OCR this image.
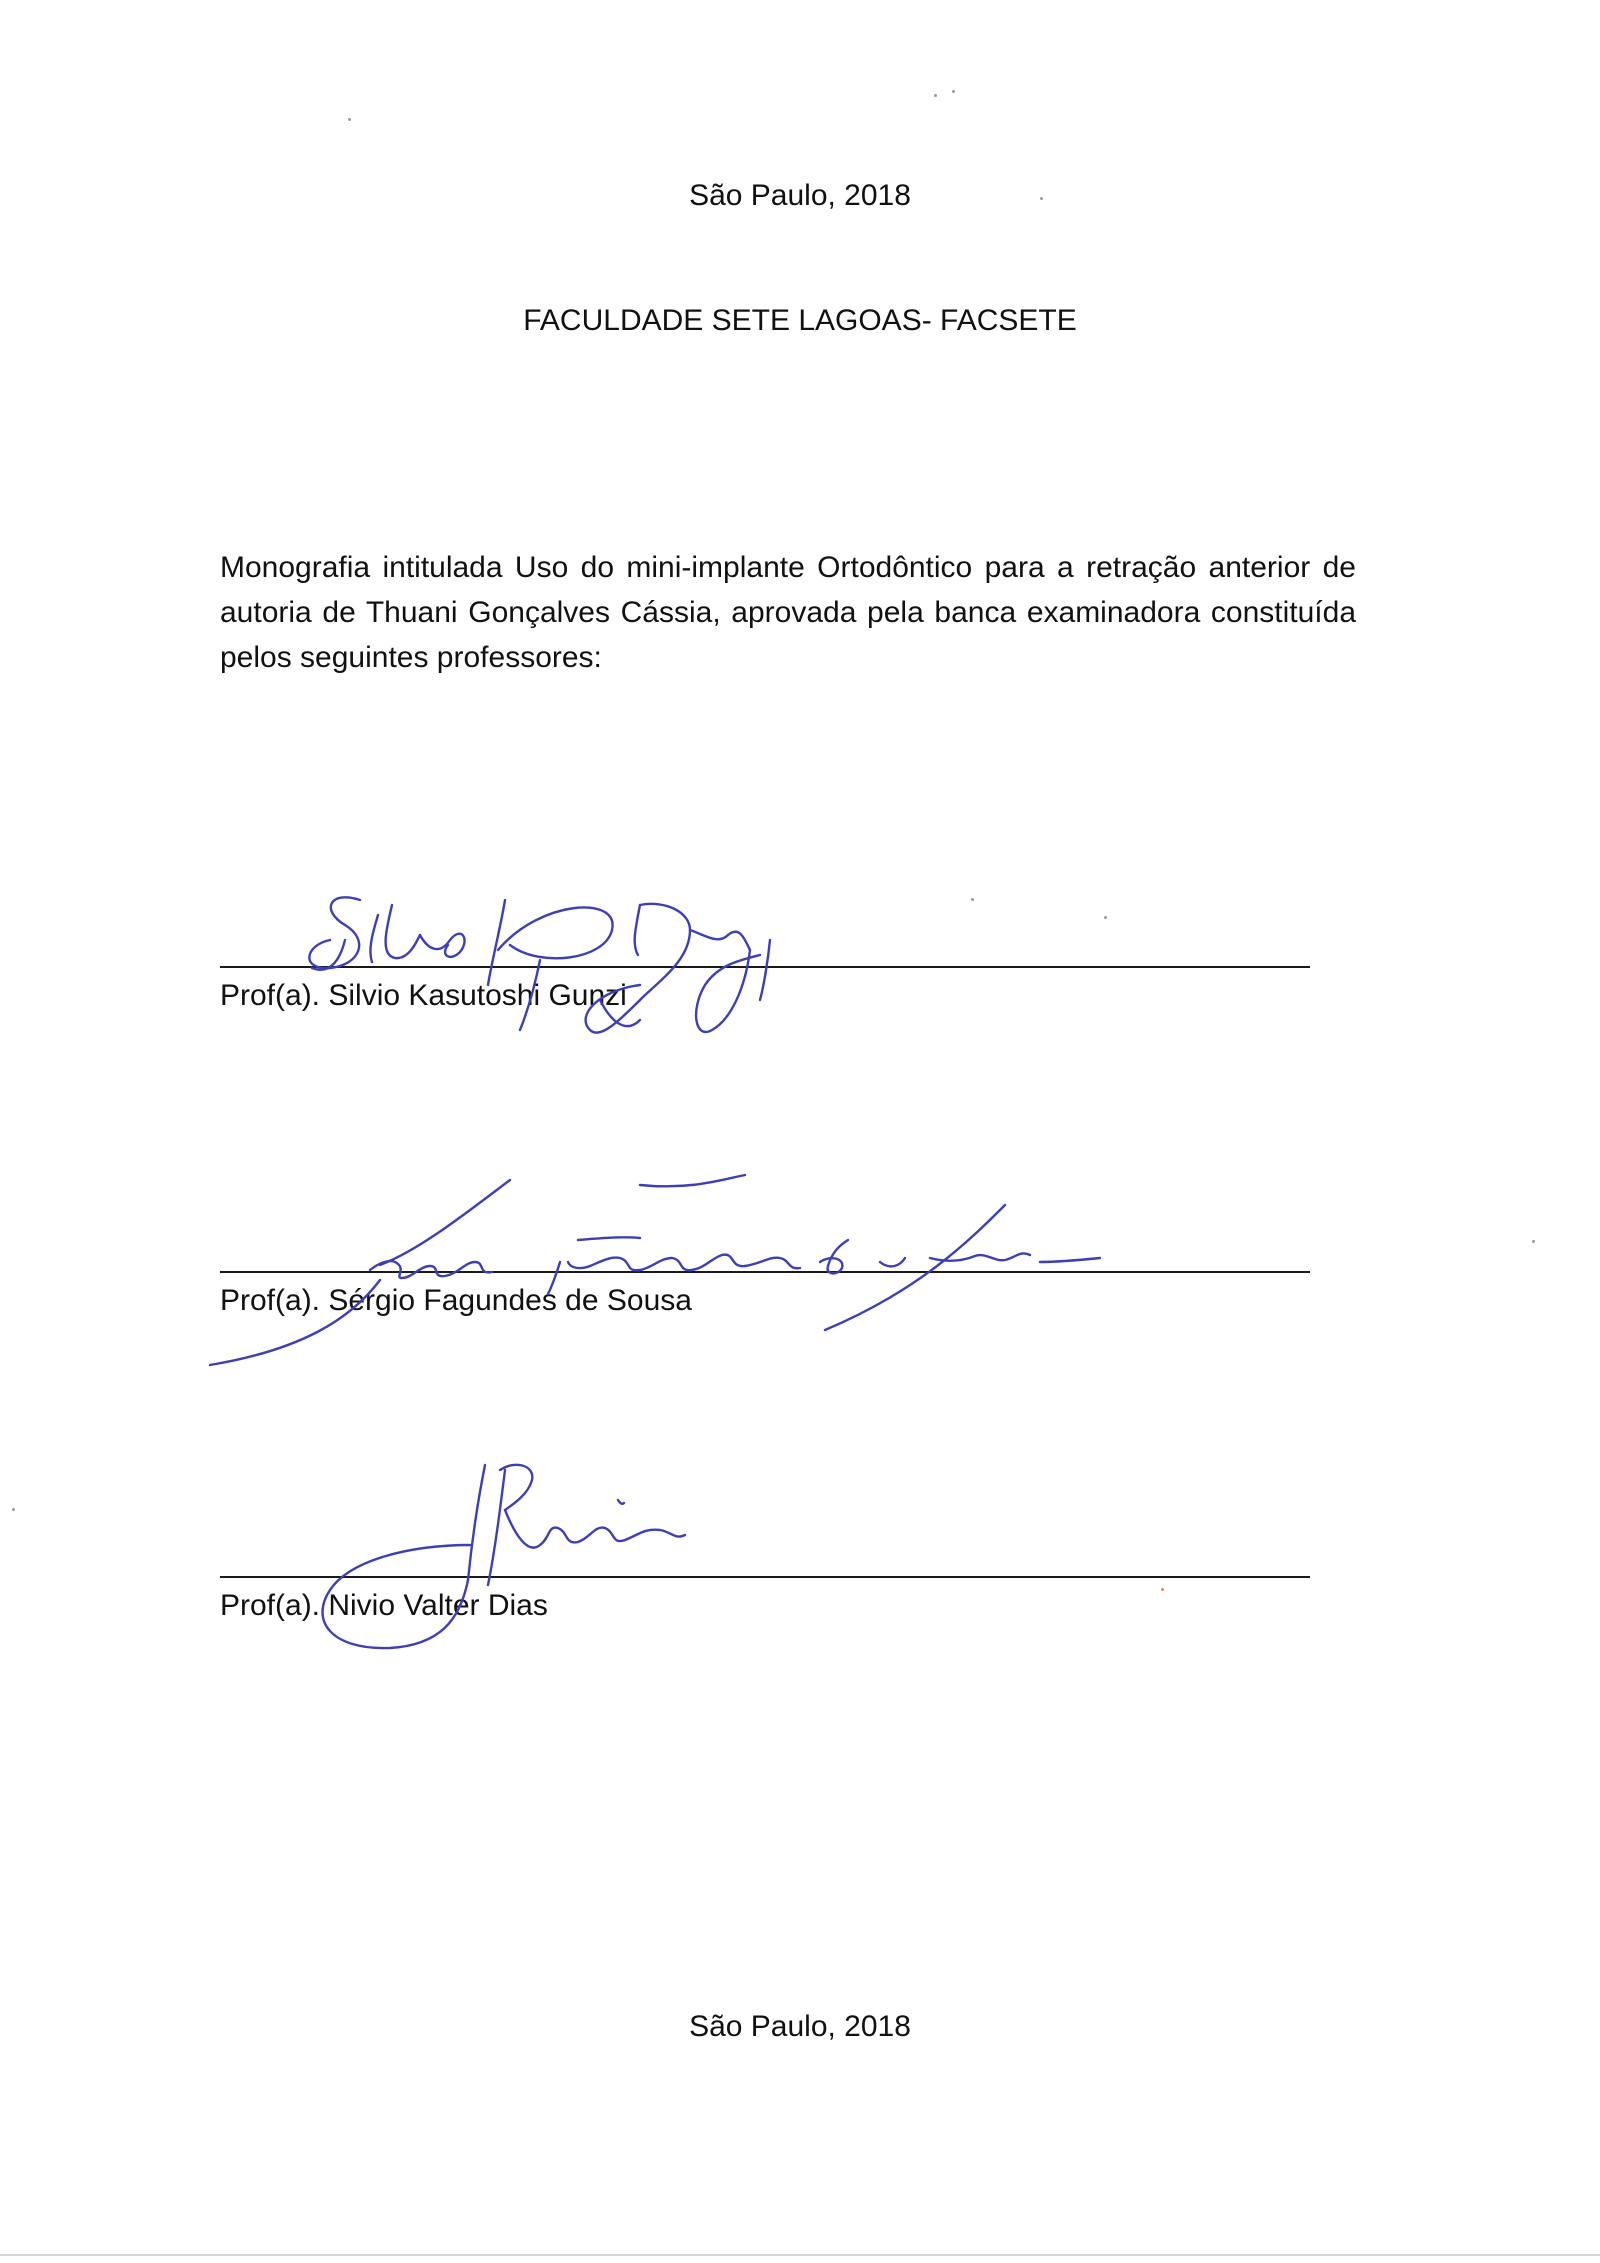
São Paulo, 2018
FACULDADE SETE LAGOAS- FACSETE
Monografia intitulada Uso do mini-implante Ortodôntico para a retração anterior de autoria de Thuani Gonçalves Cássia, aprovada pela banca examinadora constituída pelos seguintes professores:
Prof(a). Silvio Kasutoshi Gunzi
Prof(a). Sérgio Fagundes de Sousa
Prof(a). Nivio Valter Dias
São Paulo, 2018
